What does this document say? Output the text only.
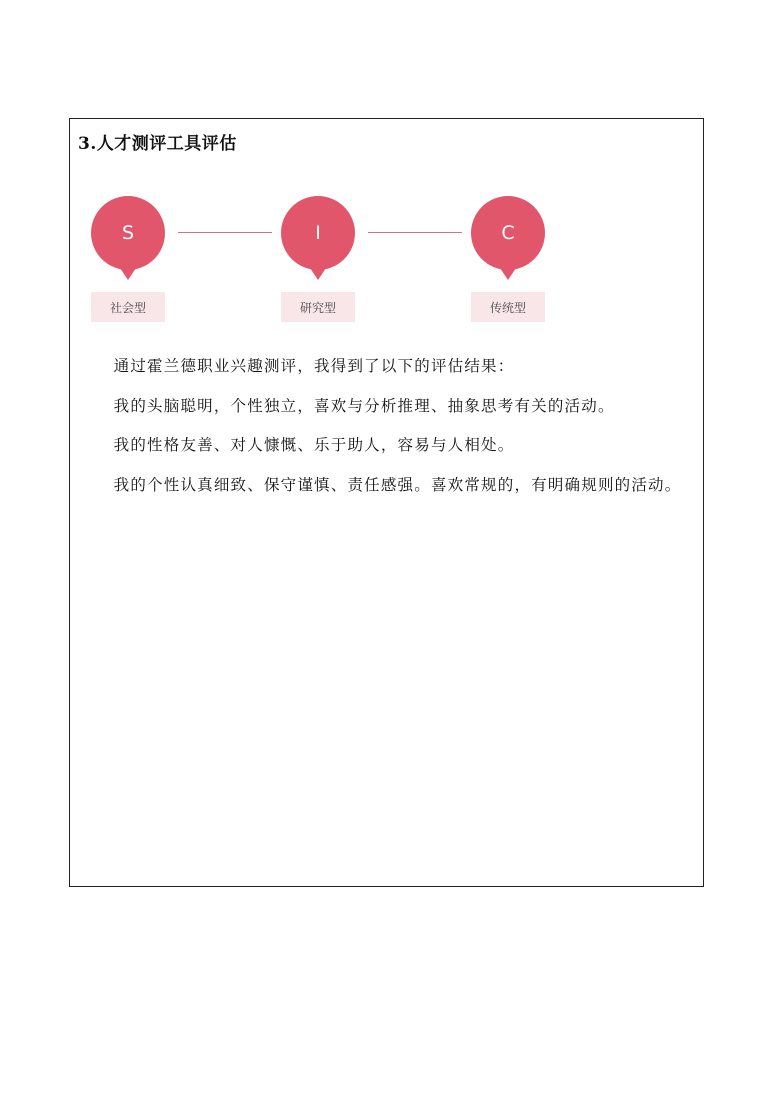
3.人才测评工具评估
S	I	C
社会型	研究型	传统型

通过霍兰德职业兴趣测评，我得到了以下的评估结果：

我的头脑聪明，个性独立，喜欢与分析推理、抽象思考有关的活动。

我的性格友善、对人慷慨、乐于助人，容易与人相处。

我的个性认真细致、保守谨慎、责任感强。喜欢常规的，有明确规则的活动。
